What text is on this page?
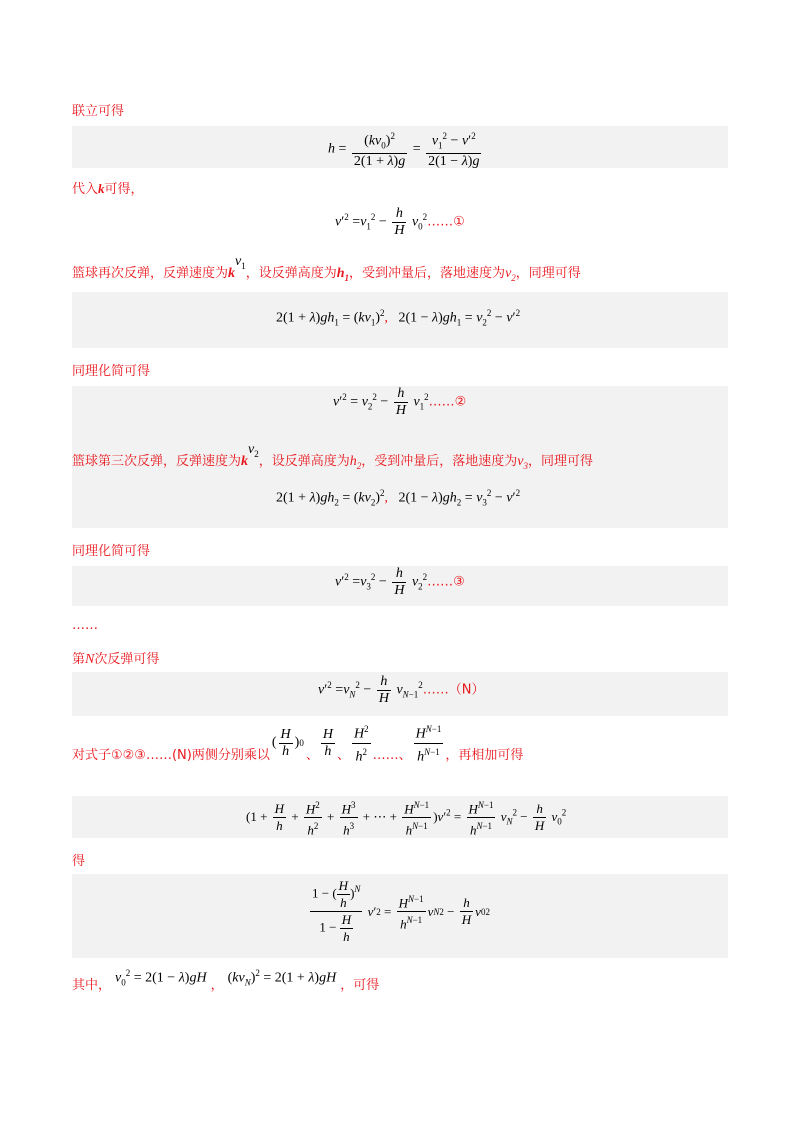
联立可得
$h = \frac{(kv_0)^2}{2(1 + \lambda)g} = \frac{v_1^2 - v'^2}{2(1 - \lambda)g}$
代入k可得，
$v'^2 =v_1^2 - \frac{h}{H}$ $v_0^2\dots\dots ①$
篮球再次反弹，反弹速度为$kv_1$，设反弹高度为$h_1$，受到冲量后，落地速度为$v_2$，同理可得
$2(1 + \lambda)gh_1 = (kv_1)^2$,   $2(1 - \lambda)gh_1 = v_2^2 - v'^2$
同理化简可得
$v'^2 = v_2^2 - \frac{h}{H}$ $v_1^2\dots\dots ②$
篮球第三次反弹，反弹速度为$kv_2$，设反弹高度为$h_2$，受到冲量后，落地速度为$v_3$，同理可得
$2(1 + \lambda)gh_2 = (kv_2)^2$,   $2(1 - \lambda)gh_2 = v_3^2 - v'^2$
同理化简可得
$v'^2 =v_3^2 - \frac{h}{H}$ $v_2^2\dots\dots ③$
……
第N次反弹可得
$v'^2 =v_N^2 - \frac{h}{H}$ $v_{N-1}^2\dots\dots(N)$
对式子①②③……(N)两侧分别乘以
( $\frac{H}{h}$ ) 0
、 $\frac{H}{h}$ 、 $\frac{H^2}{h^2}$ ……、 $\frac{H^{N-1}}{h^{N-1}}$ ，再相加可得
($1 + \frac{H}{h} + \frac{H^2}{h^2} + \frac{H^3}{h^3}$ + ⋯ + $\frac{H^{N-1}}{h^{N-1}} )v'^2 = \frac{H^{N-1}}{h^{N-1}} v_N^2 - \frac{h}{H} v_0^2$
得
$\frac{1 - ( \frac{H}{h} )^N}{1 - \frac{H}{h}}$
v ′ $2 = \frac{H^{N-1}}{h^{N-1}}$ v N $2 - \frac{h}{H}$ v 0 2
其中，
$v_0^2 = 2(1 - \lambda)gH$
，
$(kv_N)^2 = 2(1 + \lambda)gH$
，可得
